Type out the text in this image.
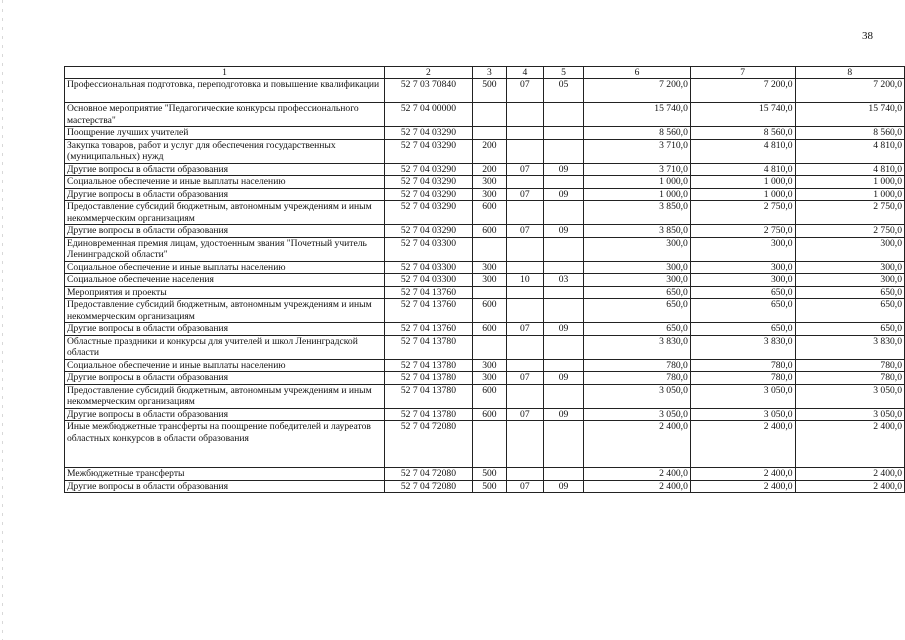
38
1	2	3	4	5	6	7	8
Профессиональная подготовка, переподготовка и повышение квалификации	52 7 03 70840	500	07	05	7 200,0	7 200,0	7 200,0
Основное мероприятие "Педагогические конкурсы профессионального мастерства"	52 7 04 00000				15 740,0	15 740,0	15 740,0
Поощрение лучших учителей	52 7 04 03290				8 560,0	8 560,0	8 560,0
Закупка товаров, работ и услуг для обеспечения государственных (муниципальных) нужд	52 7 04 03290	200			3 710,0	4 810,0	4 810,0
Другие вопросы в области образования	52 7 04 03290	200	07	09	3 710,0	4 810,0	4 810,0
Социальное обеспечение и иные выплаты населению	52 7 04 03290	300			1 000,0	1 000,0	1 000,0
Другие вопросы в области образования	52 7 04 03290	300	07	09	1 000,0	1 000,0	1 000,0
Предоставление субсидий бюджетным, автономным учреждениям и иным некоммерческим организациям	52 7 04 03290	600			3 850,0	2 750,0	2 750,0
Другие вопросы в области образования	52 7 04 03290	600	07	09	3 850,0	2 750,0	2 750,0
Единовременная премия лицам, удостоенным звания "Почетный учитель Ленинградской области"	52 7 04 03300				300,0	300,0	300,0
Социальное обеспечение и иные выплаты населению	52 7 04 03300	300			300,0	300,0	300,0
Социальное обеспечение населения	52 7 04 03300	300	10	03	300,0	300,0	300,0
Мероприятия и проекты	52 7 04 13760				650,0	650,0	650,0
Предоставление субсидий бюджетным, автономным учреждениям и иным некоммерческим организациям	52 7 04 13760	600			650,0	650,0	650,0
Другие вопросы в области образования	52 7 04 13760	600	07	09	650,0	650,0	650,0
Областные праздники и конкурсы для учителей и школ Ленинградской области	52 7 04 13780				3 830,0	3 830,0	3 830,0
Социальное обеспечение и иные выплаты населению	52 7 04 13780	300			780,0	780,0	780,0
Другие вопросы в области образования	52 7 04 13780	300	07	09	780,0	780,0	780,0
Предоставление субсидий бюджетным, автономным учреждениям и иным некоммерческим организациям	52 7 04 13780	600			3 050,0	3 050,0	3 050,0
Другие вопросы в области образования	52 7 04 13780	600	07	09	3 050,0	3 050,0	3 050,0
Иные межбюджетные трансферты на поощрение победителей и лауреатов областных конкурсов в области образования	52 7 04 72080				2 400,0	2 400,0	2 400,0
Межбюджетные трансферты	52 7 04 72080	500			2 400,0	2 400,0	2 400,0
Другие вопросы в области образования	52 7 04 72080	500	07	09	2 400,0	2 400,0	2 400,0
